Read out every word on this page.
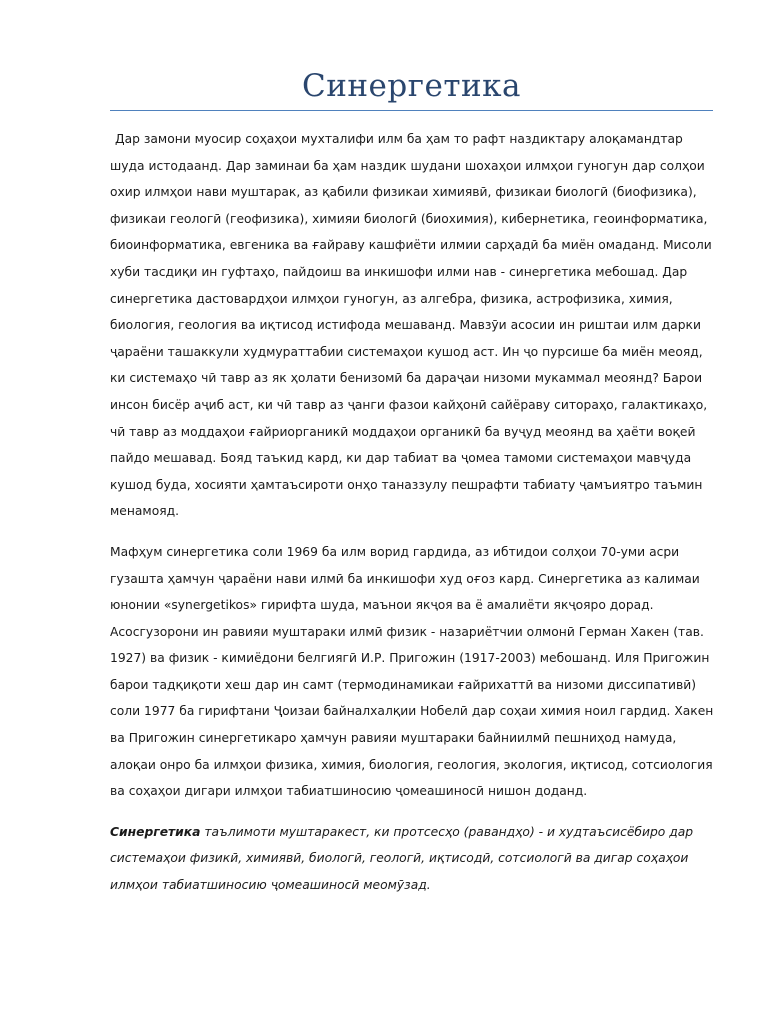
Синергетика

Дар замони муосир соҳаҳои мухталифи илм ба ҳам то рафт наздиктару алоқамандтар шуда истодаанд. Дар заминаи ба ҳам наздик шудани шохаҳои илмҳои гуногун дар солҳои охир илмҳои нави муштарак, аз қабили физикаи химиявӣ, физикаи биологӣ (биофизика), физикаи геологӣ (геофизика), химияи биологӣ (биохимия), кибернетика, геоинформатика, биоинформатика, евгеника ва ғайраву кашфиёти илмии сарҳадӣ ба миён омаданд. Мисоли хуби тасдиқи ин гуфтаҳо, пайдоиш ва инкишофи илми нав - синергетика мебошад. Дар синергетика дастовардҳои илмҳои гуногун, аз алгебра, физика, астрофизика, химия, биология, геология ва иқтисод истифода мешаванд. Мавзӯи асосии ин риштаи илм дарки ҷараёни ташаккули худмураттабии системаҳои кушод аст. Ин ҷо пурсише ба миён меояд, ки системаҳо чӣ тавр аз як ҳолати бенизомӣ ба дараҷаи низоми мукаммал меоянд? Барои инсон бисёр аҷиб аст, ки чӣ тавр аз ҷанги фазои кайҳонӣ сайёраву ситораҳо, галактикаҳо, чӣ тавр аз моддаҳои ғайриорганикӣ моддаҳои органикӣ ба вуҷуд меоянд ва ҳаёти воқеӣ пайдо мешавад. Бояд таъкид кард, ки дар табиат ва ҷомеа тамоми системаҳои мавҷуда кушод буда, хосияти ҳамтаъсироти онҳо таназзулу пешрафти табиату ҷамъиятро таъмин менамояд.

Мафҳум синергетика соли 1969 ба илм ворид гардида, аз ибтидои солҳои 70-уми асри гузашта ҳамчун ҷараёни нави илмӣ ба инкишофи худ оғоз кард. Синергетика аз калимаи юнонии «synergetikos» гирифта шуда, маънои якҷоя ва ё амалиёти якҷояро дорад. Асосгузорони ин равияи муштараки илмӣ физик - назариётчии олмонӣ Герман Хакен (тав. 1927) ва физик - кимиёдони белгиягӣ И.Р. Пригожин (1917-2003) мебошанд. Иля Пригожин барои тадқиқоти хеш дар ин самт (термодинамикаи ғайрихаттӣ ва низоми диссипативӣ) соли 1977 ба гирифтани Ҷоизаи байналхалқии Нобелӣ дар соҳаи химия ноил гардид. Хакен ва Пригожин синергетикаро ҳамчун равияи муштараки байниилмӣ пешниҳод намуда, алоқаи онро ба илмҳои физика, химия, биология, геология, экология, иқтисод, сотсиология ва соҳаҳои дигари илмҳои табиатшиносию ҷомеашиносӣ нишон доданд.

Синергетика таълимоти муштаракест, ки протсесҳо (равандҳо) - и худтаъсисёбиро дар системаҳои физикӣ, химиявӣ, биологӣ, геологӣ, иқтисодӣ, сотсиологӣ ва дигар соҳаҳои илмҳои табиатшиносию ҷомеашиносӣ меомӯзад.
